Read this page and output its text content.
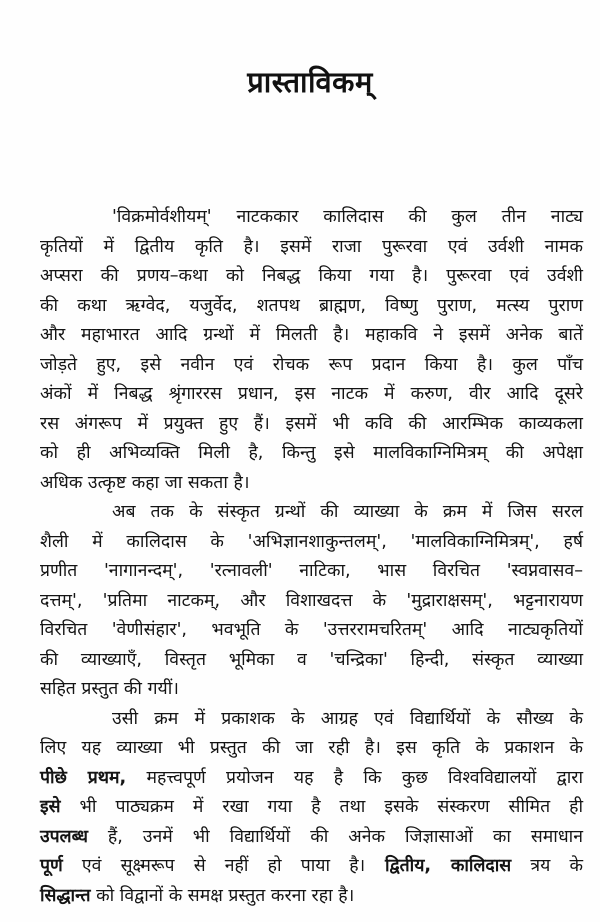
प्रास्ताविकम्
'विक्रमोर्वशीयम्' नाटककार कालिदास की कुल तीन नाट्य
कृतियों में द्वितीय कृति है। इसमें राजा पुरूरवा एवं उर्वशी नामक
अप्सरा की प्रणय–कथा को निबद्ध किया गया है। पुरूरवा एवं उर्वशी
की कथा ऋग्वेद, यजुर्वेद, शतपथ ब्राह्मण, विष्णु पुराण, मत्स्य पुराण
और महाभारत आदि ग्रन्थों में मिलती है। महाकवि ने इसमें अनेक बातें
जोड़ते हुए, इसे नवीन एवं रोचक रूप प्रदान किया है। कुल पाँच
अंकों में निबद्ध श्रृंगाररस प्रधान, इस नाटक में करुण, वीर आदि दूसरे
रस अंगरूप में प्रयुक्त हुए हैं। इसमें भी कवि की आरम्भिक काव्यकला
को ही अभिव्यक्ति मिली है, किन्तु इसे मालविकाग्निमित्रम् की अपेक्षा
अधिक उत्कृष्ट कहा जा सकता है।
अब तक के संस्कृत ग्रन्थों की व्याख्या के क्रम में जिस सरल
शैली में कालिदास के 'अभिज्ञानशाकुन्तलम्', 'मालविकाग्निमित्रम्', हर्ष
प्रणीत 'नागानन्दम्', 'रत्नावली' नाटिका, भास विरचित 'स्वप्नवासव–
दत्तम्', 'प्रतिमा नाटकम्, और विशाखदत्त के 'मुद्राराक्षसम्', भट्टनारायण
विरचित 'वेणीसंहार', भवभूति के 'उत्तररामचरितम्' आदि नाट्यकृतियों
की व्याख्याएँ, विस्तृत भूमिका व 'चन्द्रिका' हिन्दी, संस्कृत व्याख्या
सहित प्रस्तुत की गयीं।
उसी क्रम में प्रकाशक के आग्रह एवं विद्यार्थियों के सौख्य के
लिए यह व्याख्या भी प्रस्तुत की जा रही है। इस कृति के प्रकाशन के
पीछे प्रथम, महत्त्वपूर्ण प्रयोजन यह है कि कुछ विश्वविद्यालयों द्वारा
इसे भी पाठ्यक्रम में रखा गया है तथा इसके संस्करण सीमित ही
उपलब्ध हैं, उनमें भी विद्यार्थियों की अनेक जिज्ञासाओं का समाधान
पूर्ण एवं सूक्ष्मरूप से नहीं हो पाया है। द्वितीय, कालिदास त्रय के
सिद्धान्त को विद्वानों के समक्ष प्रस्तुत करना रहा है।
